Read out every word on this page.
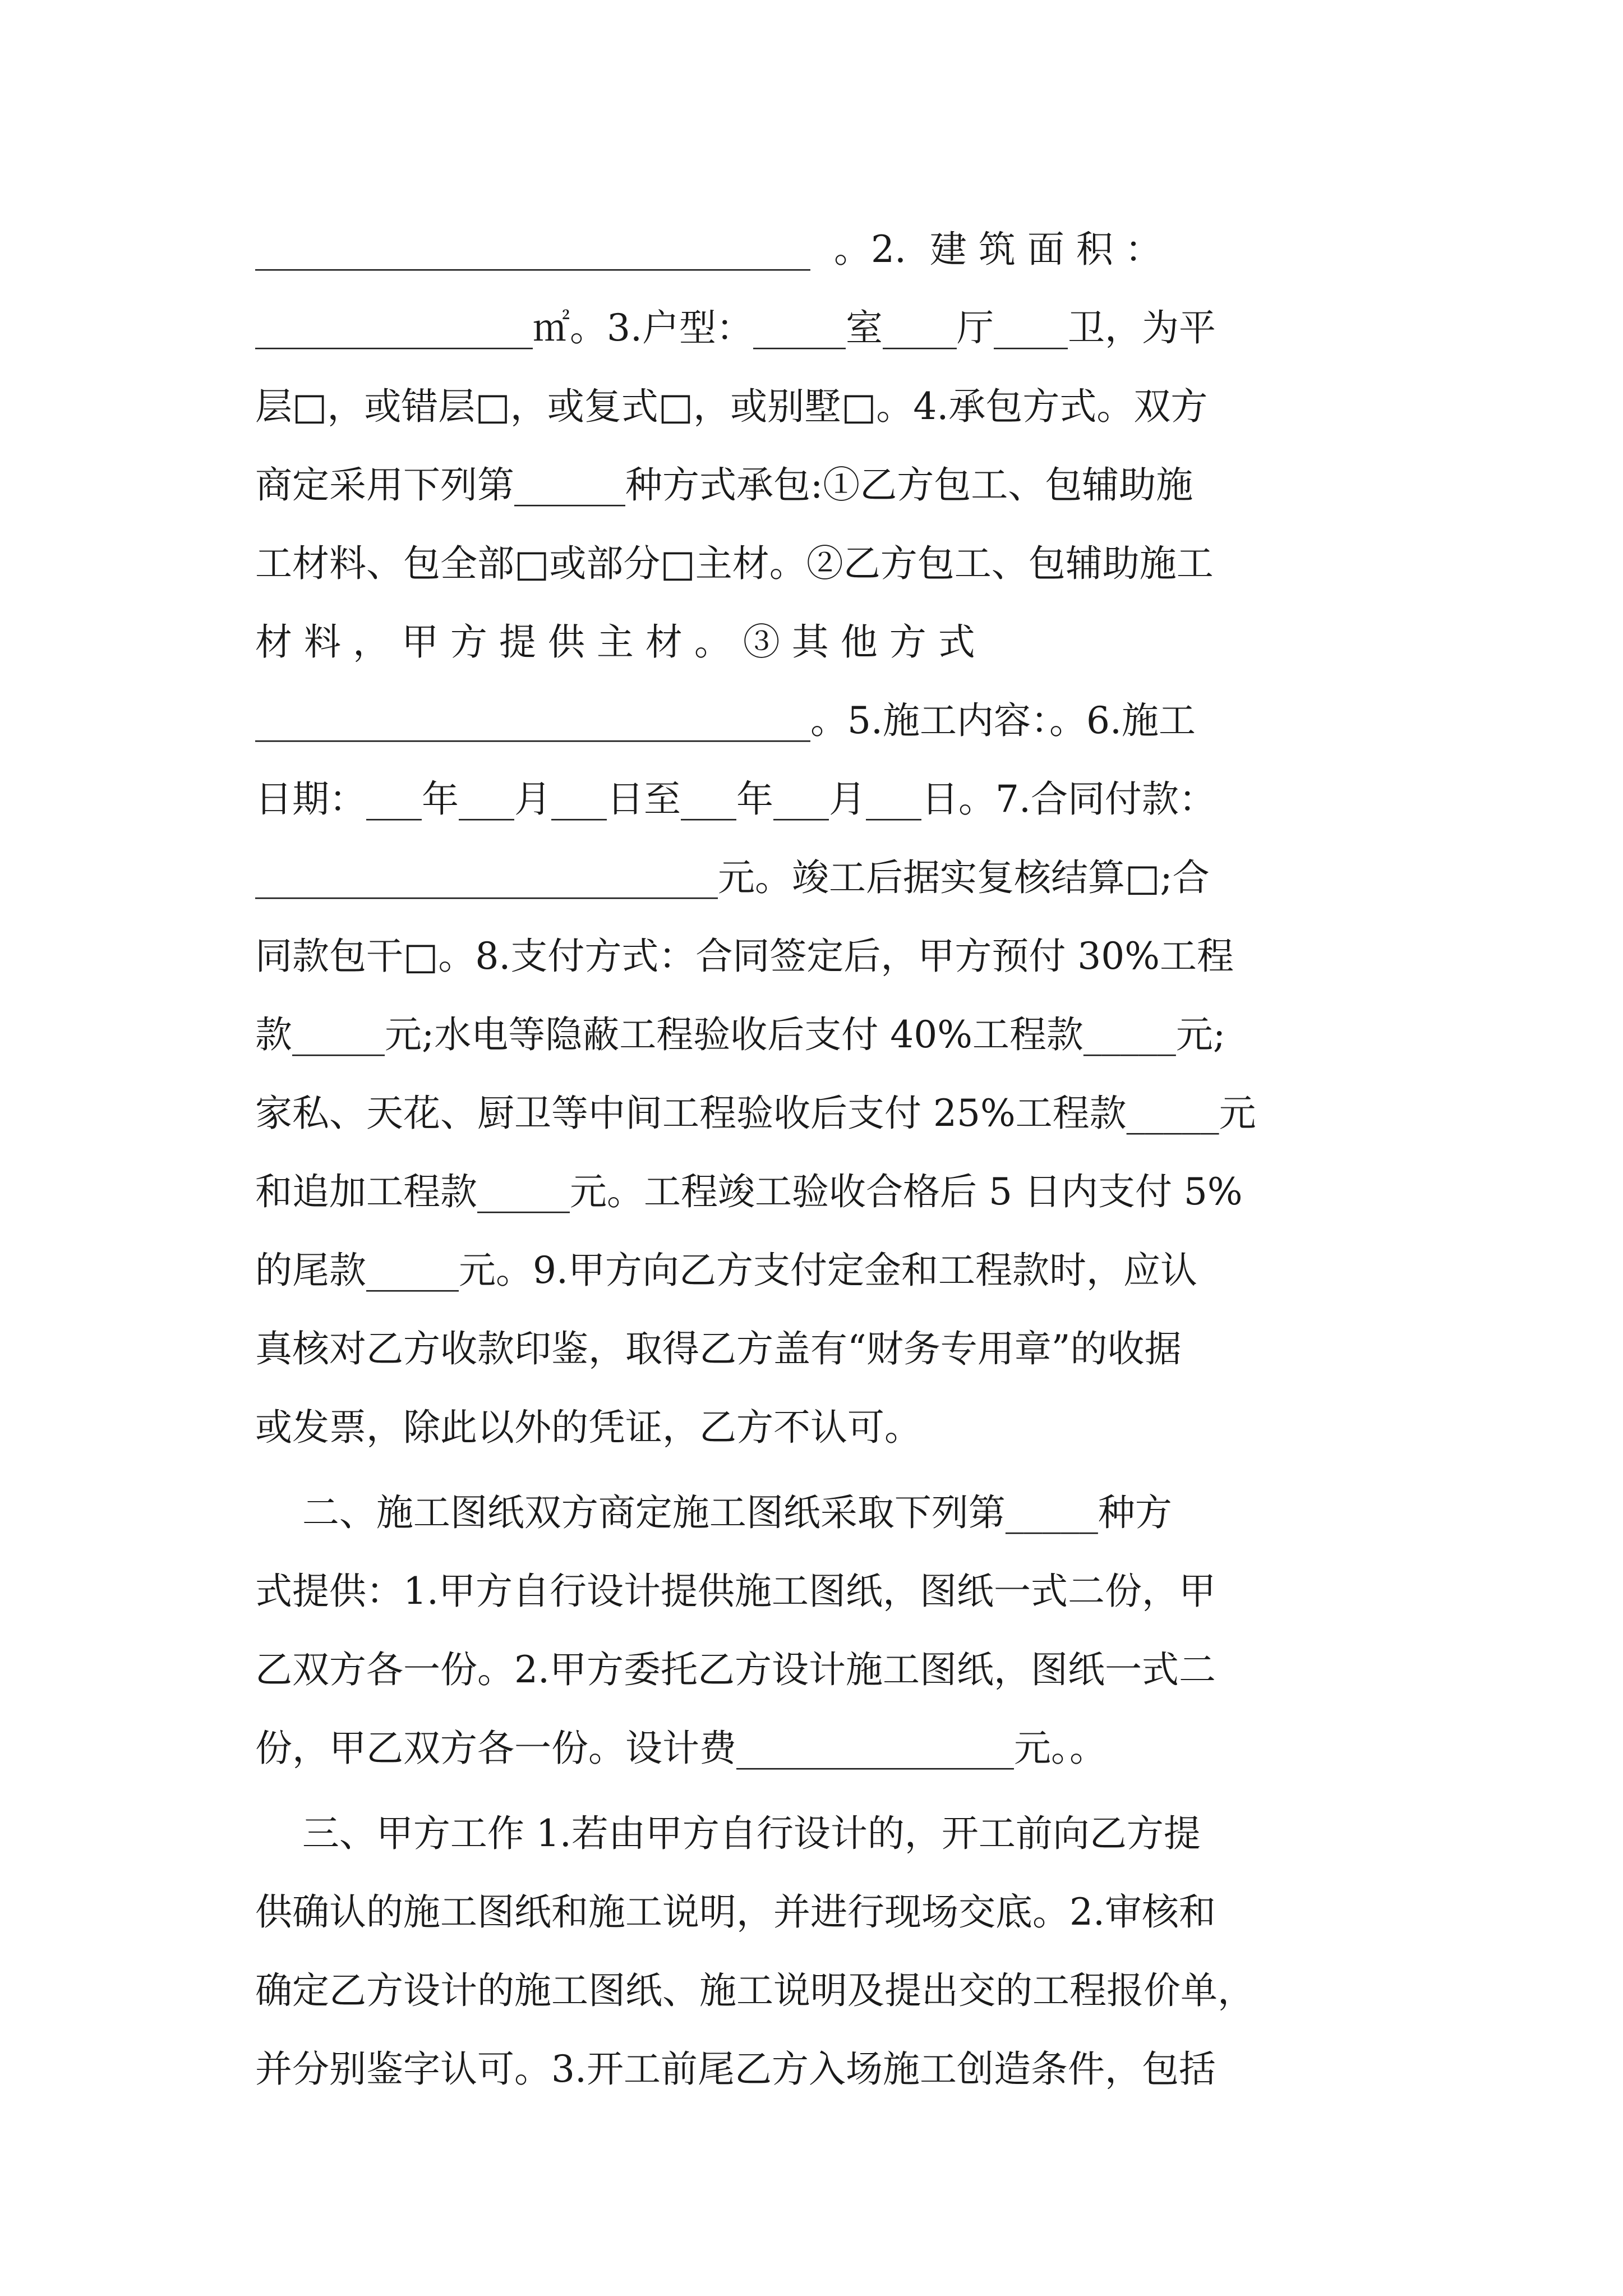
______________________________  。2.  建 筑 面 积 ：
_______________㎡。3.户型：_____室____厅____卫，为平
层□，或错层□，或复式□，或别墅□。4.承包方式。双方
商定采用下列第______种方式承包:①乙方包工、包辅助施
工材料、包全部□或部分□主材。②乙方包工、包辅助施工
材 料 ， 甲 方 提 供 主 材 。 ③ 其 他 方 式
______________________________。5.施工内容：。6.施工
日期：___年___月___日至___年___月___日。7.合同付款：
_________________________元。竣工后据实复核结算□;合
同款包干□。8.支付方式：合同签定后，甲方预付 30%工程
款_____元;水电等隐蔽工程验收后支付 40%工程款_____元;
家私、天花、厨卫等中间工程验收后支付 25%工程款_____元
和追加工程款_____元。工程竣工验收合格后 5 日内支付 5%
的尾款_____元。9.甲方向乙方支付定金和工程款时，应认
真核对乙方收款印鉴，取得乙方盖有“财务专用章”的收据
或发票，除此以外的凭证，乙方不认可。
二、施工图纸双方商定施工图纸采取下列第_____种方
式提供：1.甲方自行设计提供施工图纸，图纸一式二份，甲
乙双方各一份。2.甲方委托乙方设计施工图纸，图纸一式二
份，甲乙双方各一份。设计费_______________元。。
三、甲方工作 1.若由甲方自行设计的，开工前向乙方提
供确认的施工图纸和施工说明，并进行现场交底。2.审核和
确定乙方设计的施工图纸、施工说明及提出交的工程报价单，
并分别鉴字认可。3.开工前尾乙方入场施工创造条件，包括
